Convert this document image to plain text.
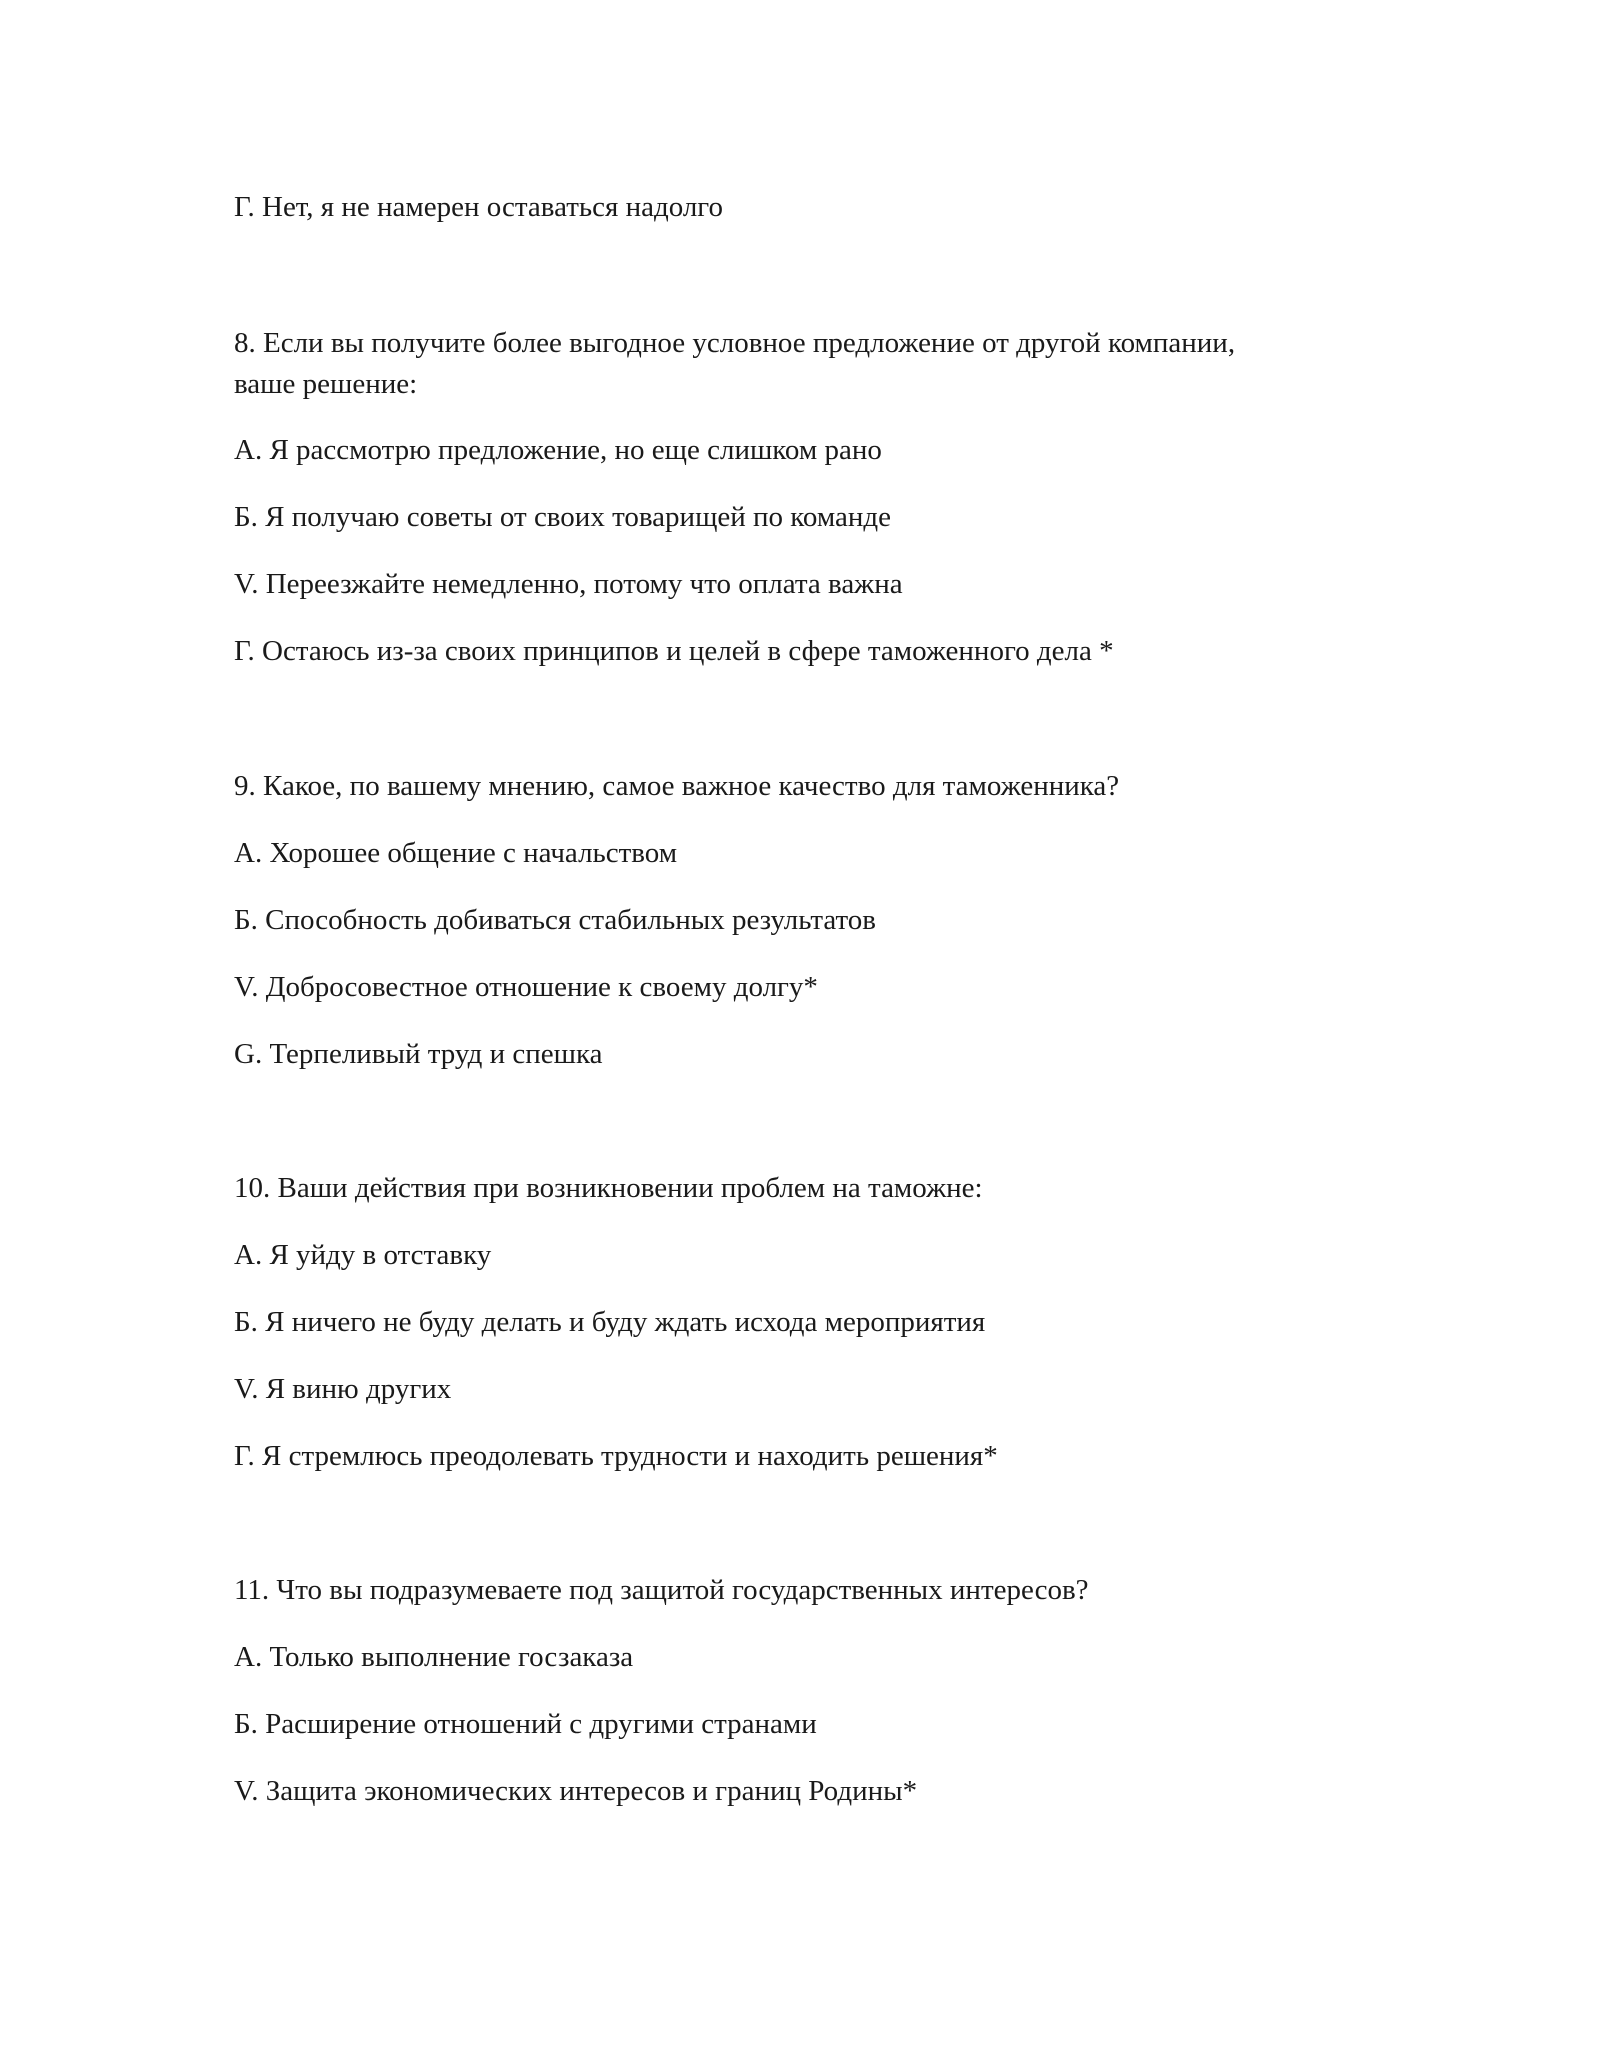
Г. Нет, я не намерен оставаться надолго
8. Если вы получите более выгодное условное предложение от другой компании,
ваше решение:
А. Я рассмотрю предложение, но еще слишком рано
Б. Я получаю советы от своих товарищей по команде
V. Переезжайте немедленно, потому что оплата важна
Г. Остаюсь из-за своих принципов и целей в сфере таможенного дела *
9. Какое, по вашему мнению, самое важное качество для таможенника?
А. Хорошее общение с начальством
Б. Способность добиваться стабильных результатов
V. Добросовестное отношение к своему долгу*
G. Терпеливый труд и спешка
10. Ваши действия при возникновении проблем на таможне:
А. Я уйду в отставку
Б. Я ничего не буду делать и буду ждать исхода мероприятия
V. Я виню других
Г. Я стремлюсь преодолевать трудности и находить решения*
11. Что вы подразумеваете под защитой государственных интересов?
А. Только выполнение госзаказа
Б. Расширение отношений с другими странами
V. Защита экономических интересов и границ Родины*
